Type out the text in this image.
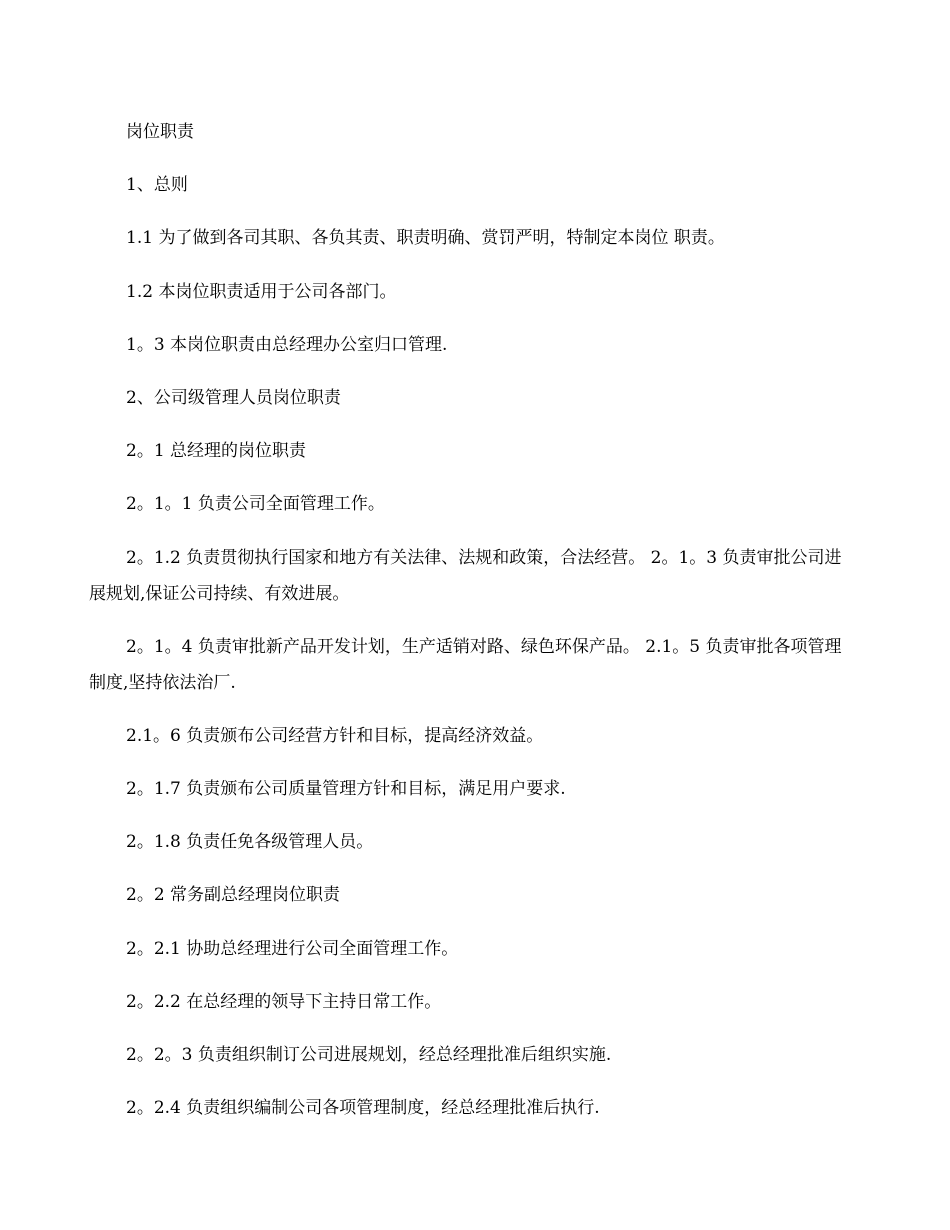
岗位职责

1、总则

1.1 为了做到各司其职、各负其责、职责明确、赏罚严明，特制定本岗位 职责。

1.2 本岗位职责适用于公司各部门。

1。3 本岗位职责由总经理办公室归口管理.

2、公司级管理人员岗位职责

2。1 总经理的岗位职责

2。1。1 负责公司全面管理工作。

2。1.2 负责贯彻执行国家和地方有关法律、法规和政策，合法经营。 2。1。3 负责审批公司进展规划,保证公司持续、有效进展。

2。1。4 负责审批新产品开发计划，生产适销对路、绿色环保产品。 2.1。5 负责审批各项管理制度,坚持依法治厂.

2.1。6 负责颁布公司经营方针和目标，提高经济效益。

2。1.7 负责颁布公司质量管理方针和目标，满足用户要求.

2。1.8 负责任免各级管理人员。

2。2 常务副总经理岗位职责

2。2.1 协助总经理进行公司全面管理工作。

2。2.2 在总经理的领导下主持日常工作。

2。2。3 负责组织制订公司进展规划，经总经理批准后组织实施.

2。2.4 负责组织编制公司各项管理制度，经总经理批准后执行.
